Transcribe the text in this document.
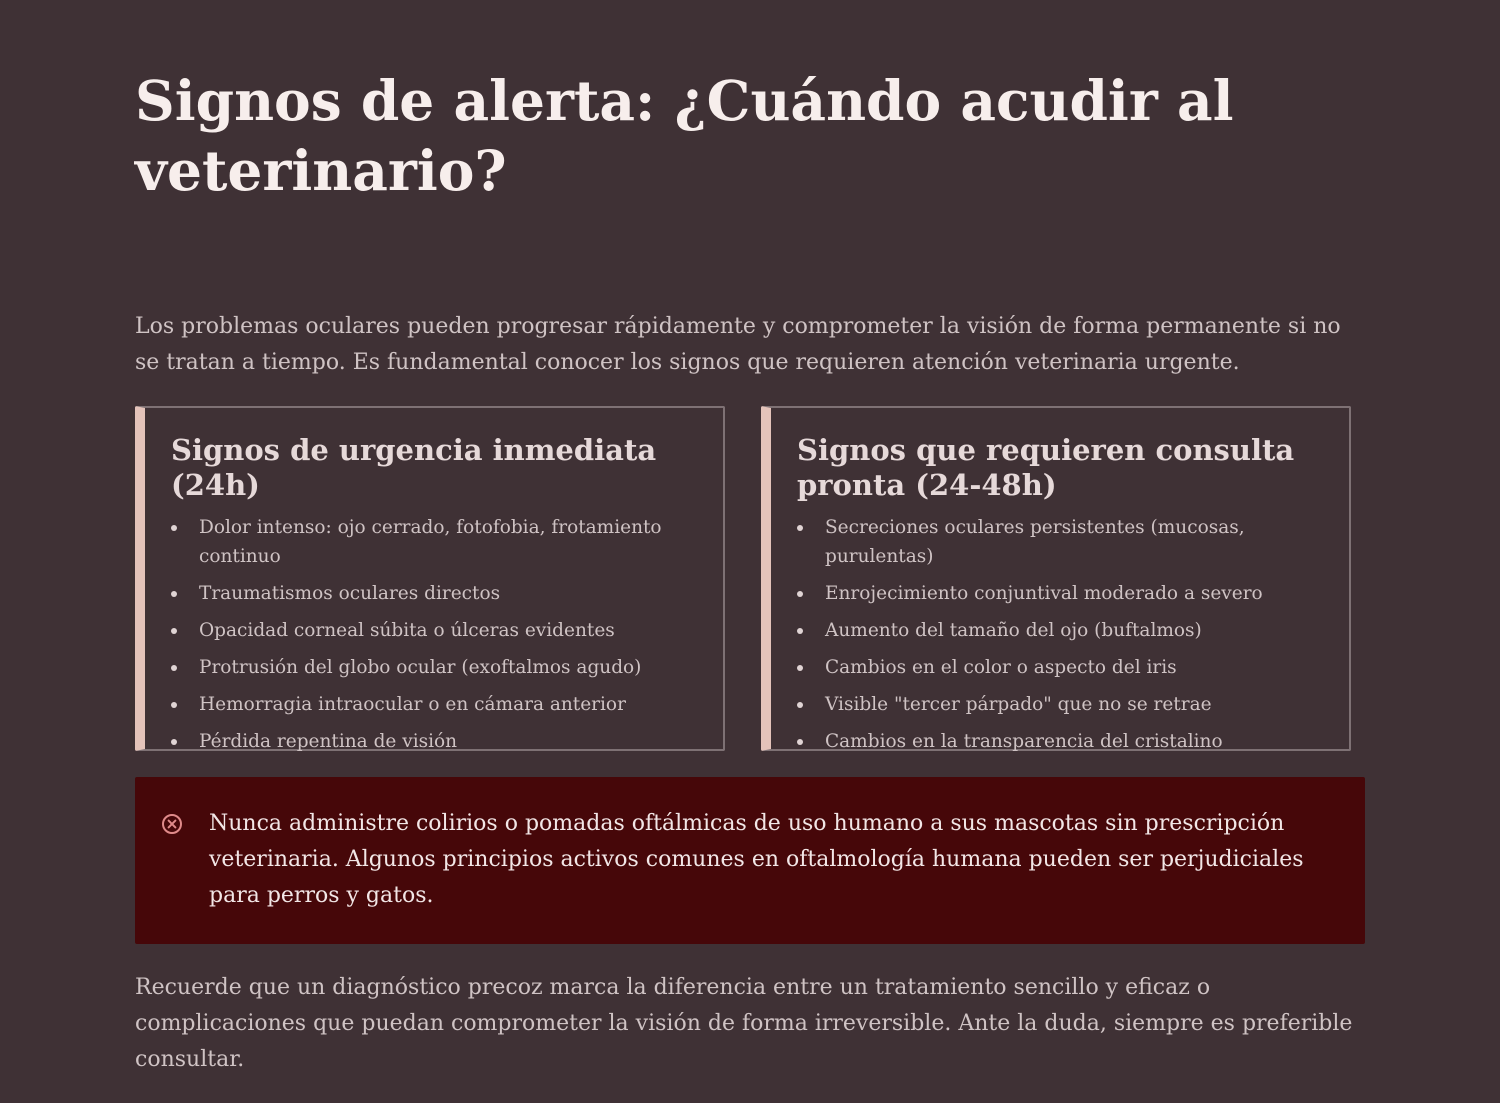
Signos de alerta: ¿Cuándo acudir al veterinario?

Los problemas oculares pueden progresar rápidamente y comprometer la visión de forma permanente si no se tratan a tiempo. Es fundamental conocer los signos que requieren atención veterinaria urgente.

Signos de urgencia inmediata (24h)
Dolor intenso: ojo cerrado, fotofobia, frotamiento continuo
Traumatismos oculares directos
Opacidad corneal súbita o úlceras evidentes
Protrusión del globo ocular (exoftalmos agudo)
Hemorragia intraocular o en cámara anterior
Pérdida repentina de visión
Signos que requieren consulta pronta (24-48h)
Secreciones oculares persistentes (mucosas, purulentas)
Enrojecimiento conjuntival moderado a severo
Aumento del tamaño del ojo (buftalmos)
Cambios en el color o aspecto del iris
Visible "tercer párpado" que no se retrae
Cambios en la transparencia del cristalino

Nunca administre colirios o pomadas oftálmicas de uso humano a sus mascotas sin prescripción veterinaria. Algunos principios activos comunes en oftalmología humana pueden ser perjudiciales para perros y gatos.

Recuerde que un diagnóstico precoz marca la diferencia entre un tratamiento sencillo y eficaz o complicaciones que puedan comprometer la visión de forma irreversible. Ante la duda, siempre es preferible consultar.
